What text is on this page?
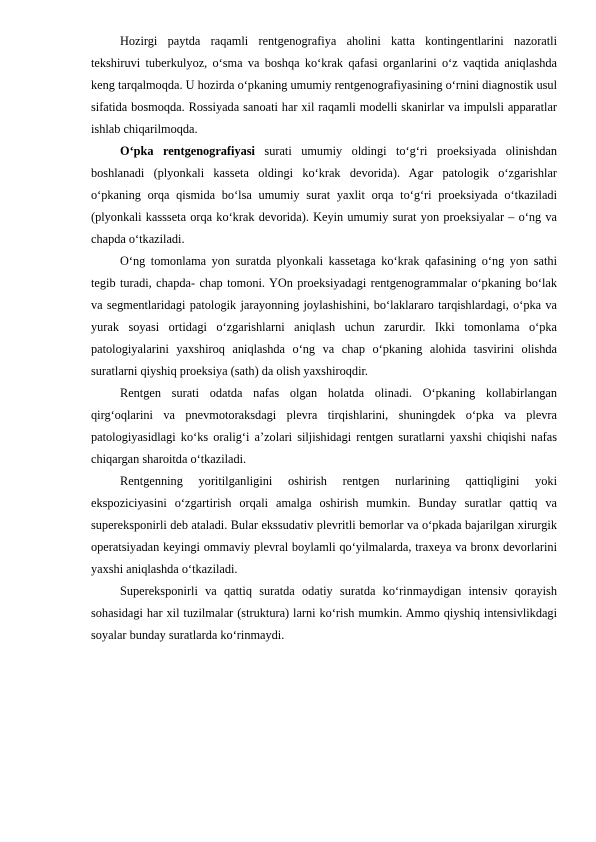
Hozirgi paytda raqamli rentgenografiya aholini katta kontingentlarini nazoratli tekshiruvi tuberkulyoz, o‘sma va boshqa ko‘krak qafasi organlarini o‘z vaqtida aniqlashda keng tarqalmoqda. U hozirda o‘pkaning umumiy rentgenografiyasining o‘rnini diagnostik usul sifatida bosmoqda. Rossiyada sanoati har xil raqamli modelli skanirlar va impulsli apparatlar ishlab chiqarilmoqda.

O‘pka rentgenografiyasi surati umumiy oldingi to‘g‘ri proeksiyada olinishdan boshlanadi (plyonkali kasseta oldingi ko‘krak devorida). Agar patologik o‘zgarishlar o‘pkaning orqa qismida bo‘lsa umumiy surat yaxlit orqa to‘g‘ri proeksiyada o‘tkaziladi (plyonkali kassseta orqa ko‘krak devorida). Keyin umumiy surat yon proeksiyalar – o‘ng va chapda o‘tkaziladi.

O‘ng tomonlama yon suratda plyonkali kassetaga ko‘krak qafasining o‘ng yon sathi tegib turadi, chapda- chap tomoni. YOn proeksiyadagi rentgenogrammalar o‘pkaning bo‘lak va segmentlaridagi patologik jarayonning joylashishini, bo‘laklararo tarqishlardagi, o‘pka va yurak soyasi ortidagi o‘zgarishlarni aniqlash uchun zarurdir. Ikki tomonlama o‘pka patologiyalarini yaxshiroq aniqlashda o‘ng va chap o‘pkaning alohida tasvirini olishda suratlarni qiyshiq proeksiya (sath) da olish yaxshiroqdir.

Rentgen surati odatda nafas olgan holatda olinadi. O‘pkaning kollabirlangan qirg‘oqlarini va pnevmotoraksdagi plevra tirqishlarini, shuningdek o‘pka va plevra patologiyasidlagi ko‘ks oralig‘i a’zolari siljishidagi rentgen suratlarni yaxshi chiqishi nafas chiqargan sharoitda o‘tkaziladi.

Rentgenning yoritilganligini oshirish rentgen nurlarining qattiqligini yoki ekspoziciyasini o‘zgartirish orqali amalga oshirish mumkin. Bunday suratlar qattiq va supereksponirli deb ataladi. Bular ekssudativ plevritli bemorlar va o‘pkada bajarilgan xirurgik operatsiyadan keyingi ommaviy plevral boylamli qo‘yilmalarda, traxeya va bronx devorlarini yaxshi aniqlashda o‘tkaziladi.

Supereksponirli va qattiq suratda odatiy suratda ko‘rinmaydigan intensiv qorayish sohasidagi har xil tuzilmalar (struktura) larni ko‘rish mumkin. Ammo qiyshiq intensivlikdagi soyalar bunday suratlarda ko‘rinmaydi.
